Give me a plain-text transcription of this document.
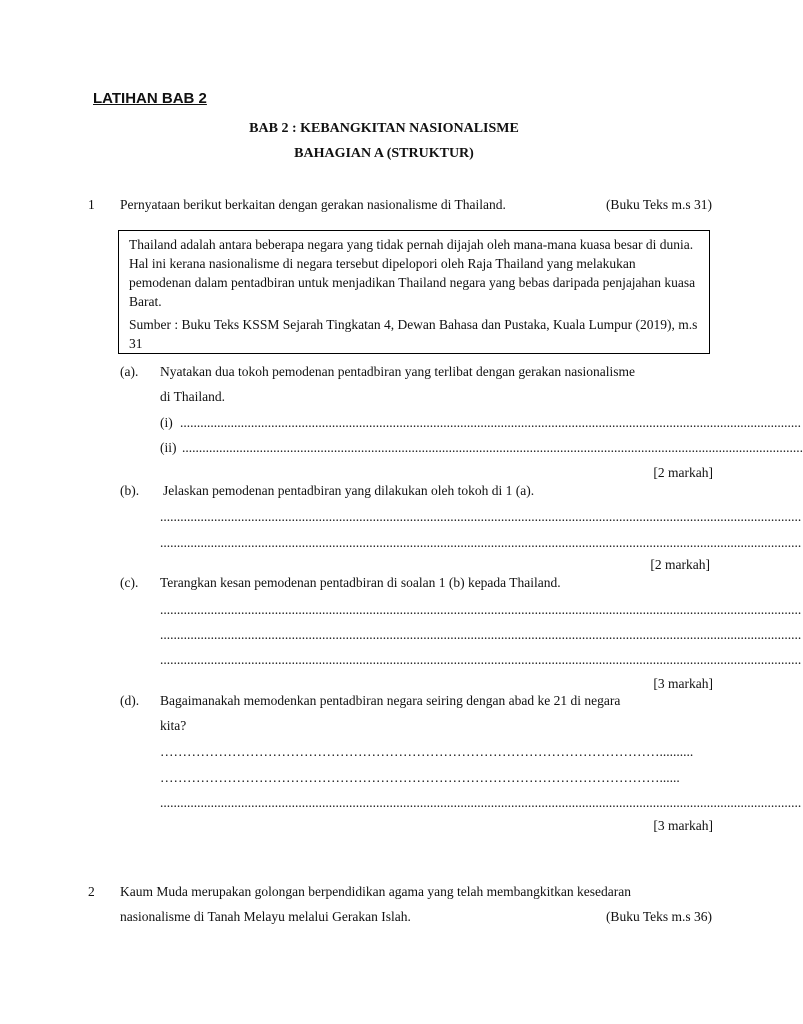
LATIHAN BAB 2
BAB 2 : KEBANGKITAN NASIONALISME
BAHAGIAN A (STRUKTUR)
1 Pernyataan berikut berkaitan dengan gerakan nasionalisme di Thailand.	(Buku Teks m.s 31)

Thailand adalah antara beberapa negara yang tidak pernah dijajah oleh mana-mana kuasa besar di dunia. Hal ini kerana nasionalisme di negara tersebut dipelopori oleh Raja Thailand yang melakukan pemodenan dalam pentadbiran untuk menjadikan Thailand negara yang bebas daripada penjajahan kuasa Barat.

Sumber : Buku Teks KSSM Sejarah Tingkatan 4, Dewan Bahasa dan Pustaka, Kuala Lumpur (2019), m.s 31

(a). Nyatakan dua tokoh pemodenan pentadbiran yang terlibat dengan gerakan nasionalisme
di Thailand.
(i) ........................................................................................................................................................................................
(ii) ........................................................................................................................................................................................
[2 markah]
(b). Jelaskan pemodenan pentadbiran yang dilakukan oleh tokoh di 1 (a).
..............................................................................................................................................................................................
..............................................................................................................................................................................................
[2 markah]
(c). Terangkan kesan pemodenan pentadbiran di soalan 1 (b) kepada Thailand.
..............................................................................................................................................................................................
..............................................................................................................................................................................................
..............................................................................................................................................................................................
[3 markah]
(d). Bagaimanakah memodenkan pentadbiran negara seiring dengan abad ke 21 di negara
kita?
…………………………………………………………………………………………………..........
…………………………………………………………………………………………………......
..............................................................................................................................................................................................
[3 markah]
2 Kaum Muda merupakan golongan berpendidikan agama yang telah membangkitkan kesedaran
nasionalisme di Tanah Melayu melalui Gerakan Islah.	(Buku Teks m.s 36)
